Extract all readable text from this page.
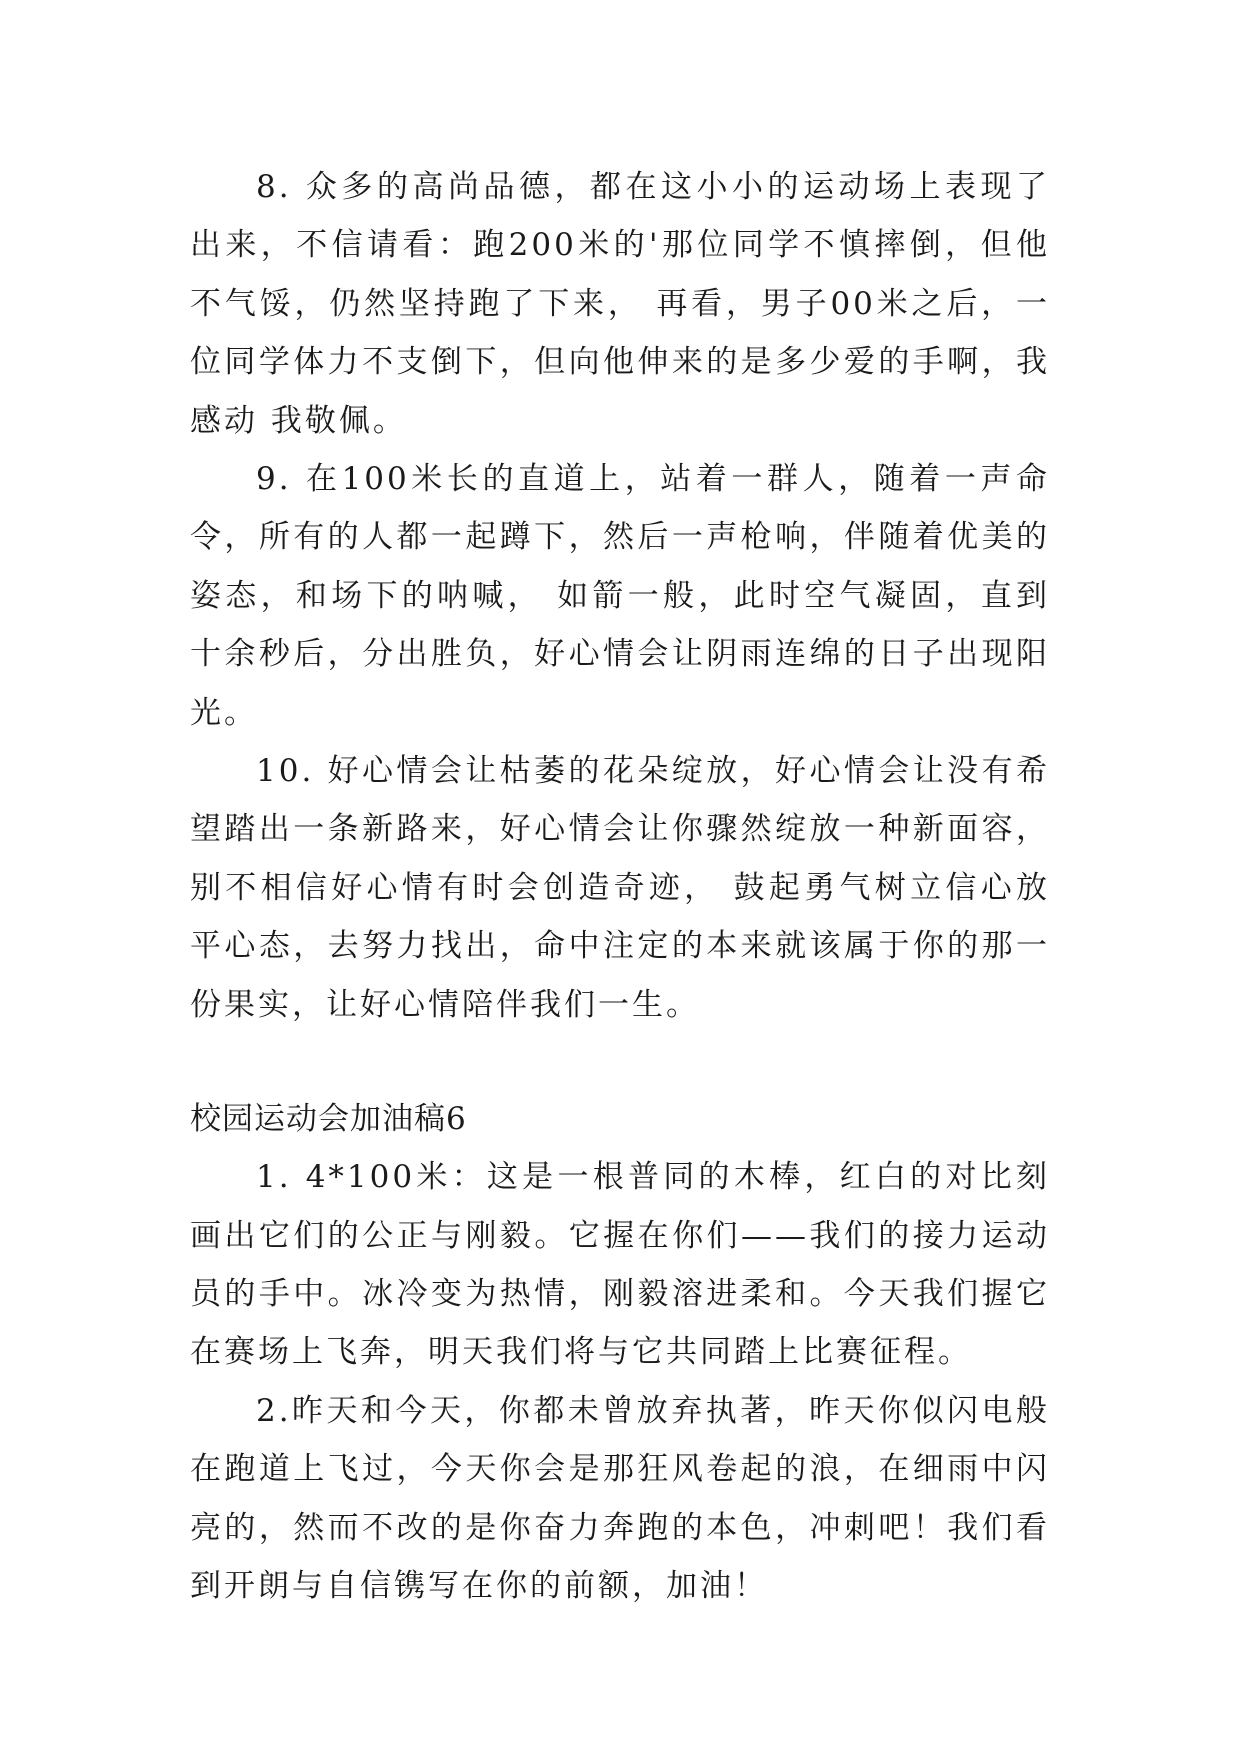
8. 众多的高尚品德，都在这小小的运动场上表现了出来，不信请看：跑200米的'那位同学不慎摔倒，但他不气馁，仍然坚持跑了下来， 再看，男子00米之后，一位同学体力不支倒下，但向他伸来的是多少爱的手啊，我感动 我敬佩。

9. 在100米长的直道上，站着一群人，随着一声命令，所有的人都一起蹲下，然后一声枪响，伴随着优美的姿态，和场下的呐喊， 如箭一般，此时空气凝固，直到十余秒后，分出胜负，好心情会让阴雨连绵的日子出现阳光。

10. 好心情会让枯萎的花朵绽放，好心情会让没有希望踏出一条新路来，好心情会让你骤然绽放一种新面容，别不相信好心情有时会创造奇迹， 鼓起勇气树立信心放平心态，去努力找出，命中注定的本来就该属于你的那一份果实，让好心情陪伴我们一生。

校园运动会加油稿6

1. 4*100米：这是一根普同的木棒，红白的对比刻画出它们的公正与刚毅。它握在你们——我们的接力运动员的手中。冰冷变为热情，刚毅溶进柔和。今天我们握它在赛场上飞奔，明天我们将与它共同踏上比赛征程。

2.昨天和今天，你都未曾放弃执著，昨天你似闪电般在跑道上飞过，今天你会是那狂风卷起的浪，在细雨中闪亮的，然而不改的是你奋力奔跑的本色，冲刺吧！我们看到开朗与自信镌写在你的前额，加油！
